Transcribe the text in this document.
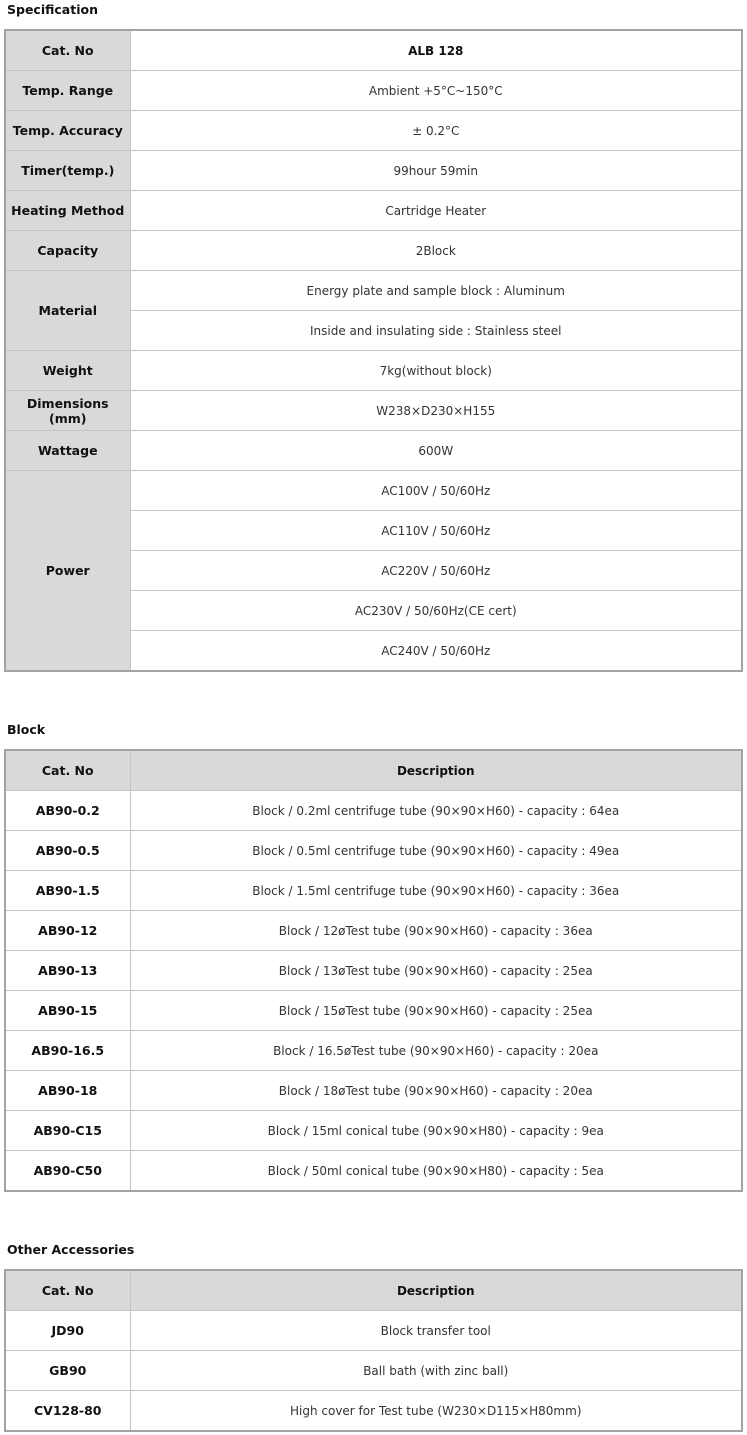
Specification
Cat. No	ALB 128
Temp. Range	Ambient +5°C~150°C
Temp. Accuracy	± 0.2°C
Timer(temp.)	99hour 59min
Heating Method	Cartridge Heater
Capacity	2Block
Material	Energy plate and sample block : Aluminum
	Inside and insulating side : Stainless steel
Weight	7kg(without block)
Dimensions (mm)	W238×D230×H155
Wattage	600W
Power	AC100V / 50/60Hz
	AC110V / 50/60Hz
	AC220V / 50/60Hz
	AC230V / 50/60Hz(CE cert)
	AC240V / 50/60Hz
Block
Cat. No	Description
AB90-0.2	Block / 0.2ml centrifuge tube (90×90×H60) - capacity : 64ea
AB90-0.5	Block / 0.5ml centrifuge tube (90×90×H60) - capacity : 49ea
AB90-1.5	Block / 1.5ml centrifuge tube (90×90×H60) - capacity : 36ea
AB90-12	Block / 12øTest tube (90×90×H60) - capacity : 36ea
AB90-13	Block / 13øTest tube (90×90×H60) - capacity : 25ea
AB90-15	Block / 15øTest tube (90×90×H60) - capacity : 25ea
AB90-16.5	Block / 16.5øTest tube (90×90×H60) - capacity : 20ea
AB90-18	Block / 18øTest tube (90×90×H60) - capacity : 20ea
AB90-C15	Block / 15ml conical tube (90×90×H80) - capacity : 9ea
AB90-C50	Block / 50ml conical tube (90×90×H80) - capacity : 5ea
Other Accessories
Cat. No	Description
JD90	Block transfer tool
GB90	Ball bath (with zinc ball)
CV128-80	High cover for Test tube (W230×D115×H80mm)
